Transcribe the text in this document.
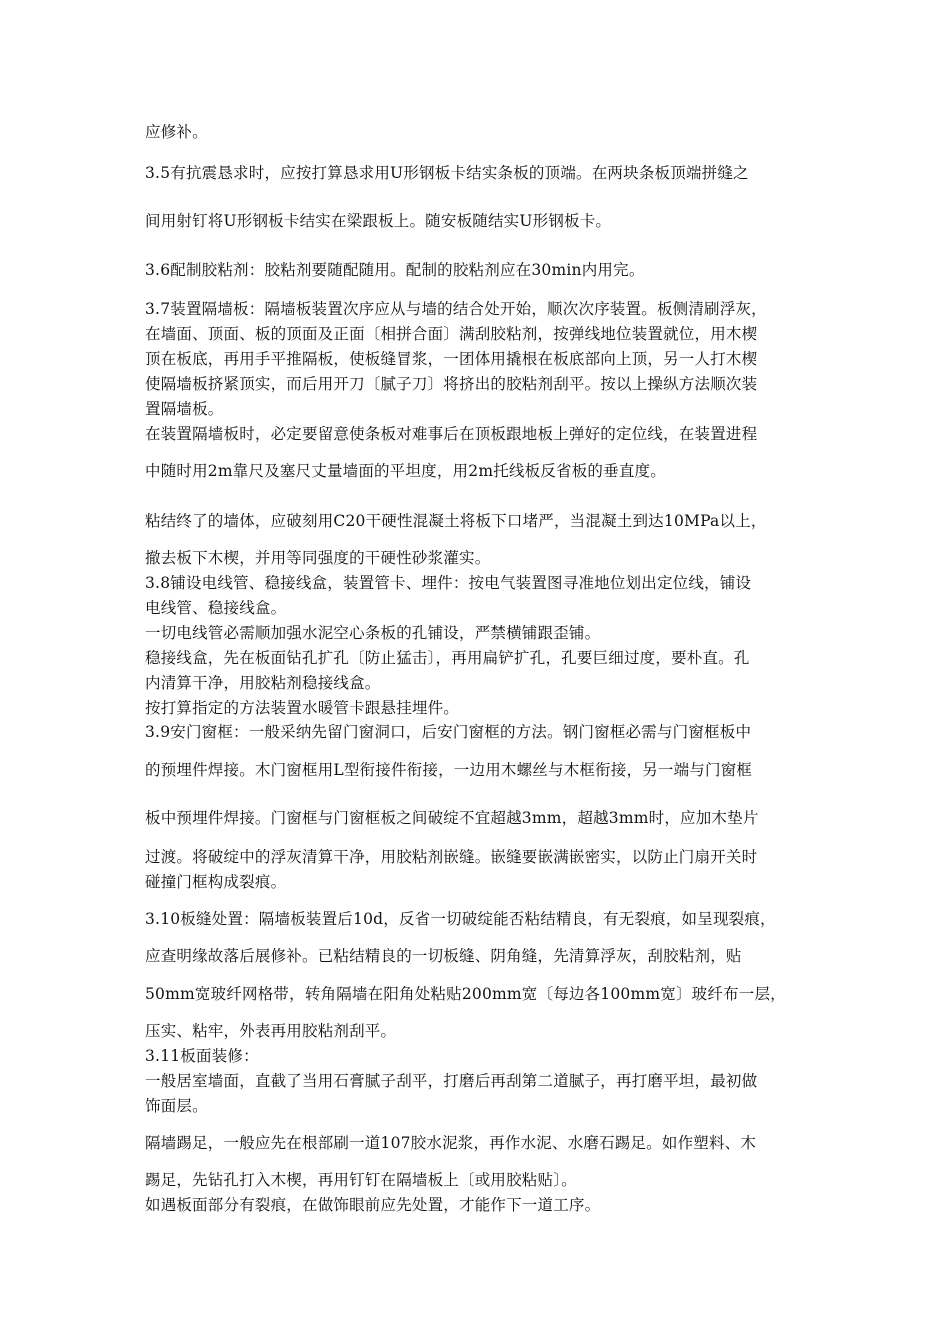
应修补。
3.5有抗震恳求时，应按打算恳求用U形钢板卡结实条板的顶端。在两块条板顶端拼缝之
间用射钉将U形钢板卡结实在梁跟板上。随安板随结实U形钢板卡。
3.6配制胶粘剂：胶粘剂要随配随用。配制的胶粘剂应在30min内用完。
3.7装置隔墙板：隔墙板装置次序应从与墙的结合处开始，顺次次序装置。板侧清刷浮灰，
在墙面、顶面、板的顶面及正面〔相拼合面〕满刮胶粘剂，按弹线地位装置就位，用木楔
顶在板底，再用手平推隔板，使板缝冒浆，一团体用撬根在板底部向上顶，另一人打木楔
使隔墙板挤紧顶实，而后用开刀〔腻子刀〕将挤出的胶粘剂刮平。按以上操纵方法顺次装
置隔墙板。
在装置隔墙板时，必定要留意使条板对难事后在顶板跟地板上弹好的定位线，在装置进程
中随时用2m靠尺及塞尺丈量墙面的平坦度，用2m托线板反省板的垂直度。
粘结终了的墙体，应破刻用C20干硬性混凝土将板下口堵严，当混凝土到达10MPa以上，
撤去板下木楔，并用等同强度的干硬性砂浆灌实。
3.8铺设电线管、稳接线盒，装置管卡、埋件：按电气装置图寻准地位划出定位线，铺设
电线管、稳接线盒。
一切电线管必需顺加强水泥空心条板的孔铺设，严禁横铺跟歪铺。
稳接线盒，先在板面钻孔扩孔〔防止猛击〕，再用扁铲扩孔，孔要巨细过度，要朴直。孔
内清算干净，用胶粘剂稳接线盒。
按打算指定的方法装置水暖管卡跟悬挂埋件。
3.9安门窗框：一般采纳先留门窗洞口，后安门窗框的方法。钢门窗框必需与门窗框板中
的预埋件焊接。木门窗框用L型衔接件衔接，一边用木螺丝与木框衔接，另一端与门窗框
板中预埋件焊接。门窗框与门窗框板之间破绽不宜超越3mm，超越3mm时，应加木垫片
过渡。将破绽中的浮灰清算干净，用胶粘剂嵌缝。嵌缝要嵌满嵌密实，以防止门扇开关时
碰撞门框构成裂痕。
3.10板缝处置：隔墙板装置后10d，反省一切破绽能否粘结精良，有无裂痕，如呈现裂痕，
应查明缘故落后展修补。已粘结精良的一切板缝、阴角缝，先清算浮灰，刮胶粘剂，贴
50mm宽玻纤网格带，转角隔墙在阳角处粘贴200mm宽〔每边各100mm宽〕玻纤布一层，
压实、粘牢，外表再用胶粘剂刮平。
3.11板面装修：
一般居室墙面，直截了当用石膏腻子刮平，打磨后再刮第二道腻子，再打磨平坦，最初做
饰面层。
隔墙踢足，一般应先在根部刷一道107胶水泥浆，再作水泥、水磨石踢足。如作塑料、木
踢足，先钻孔打入木楔，再用钉钉在隔墙板上〔或用胶粘贴〕。
如遇板面部分有裂痕，在做饰眼前应先处置，才能作下一道工序。
